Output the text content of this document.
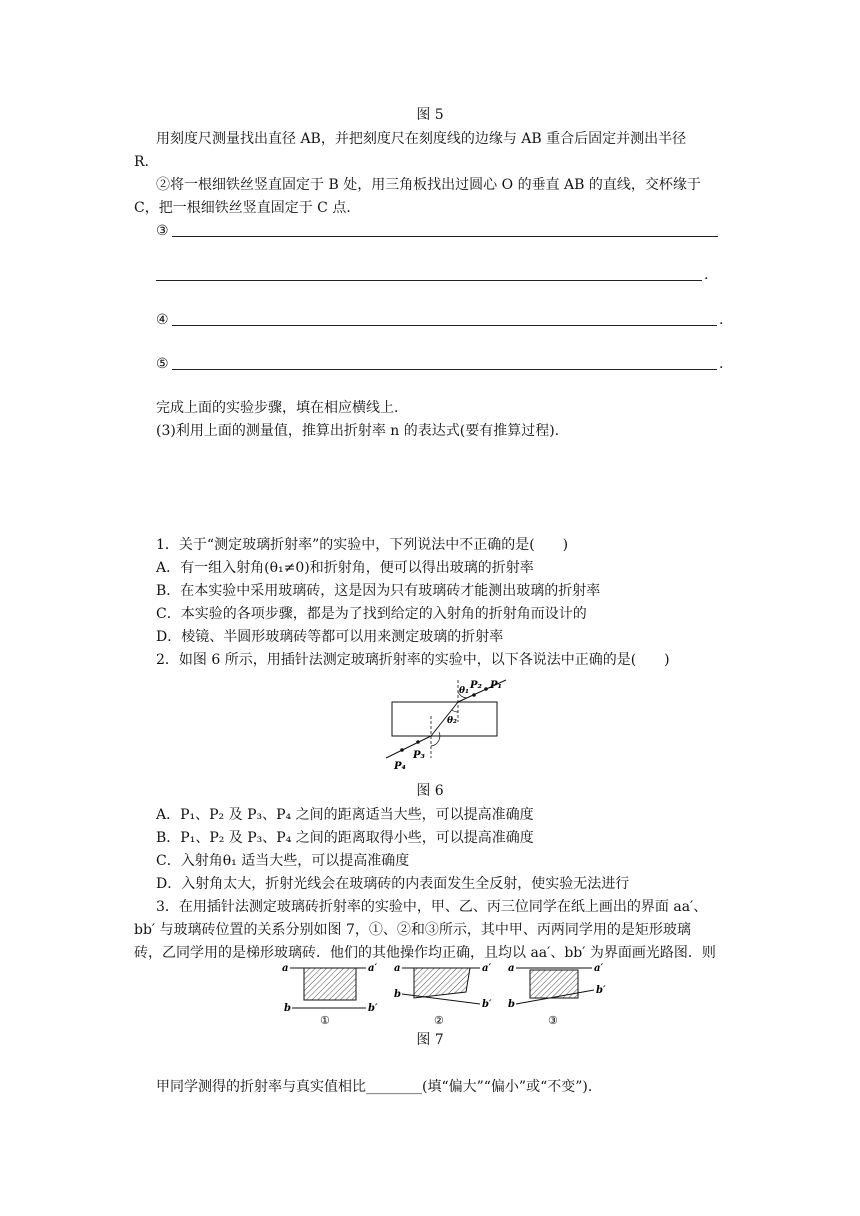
图 5
用刻度尺测量找出直径 AB，并把刻度尺在刻度线的边缘与 AB 重合后固定并测出半径
R.
②将一根细铁丝竖直固定于 B 处，用三角板找出过圆心 O 的垂直 AB 的直线，交杯缘于
C，把一根细铁丝竖直固定于 C 点．
③
.
④	.
⑤	.
完成上面的实验步骤，填在相应横线上．
(3)利用上面的测量值，推算出折射率 n 的表达式(要有推算过程).
1．关于“测定玻璃折射率”的实验中，下列说法中不正确的是(　　)
A．有一组入射角(θ₁≠0)和折射角，便可以得出玻璃的折射率
B．在本实验中采用玻璃砖，这是因为只有玻璃砖才能测出玻璃的折射率
C．本实验的各项步骤，都是为了找到给定的入射角的折射角而设计的
D．棱镜、半圆形玻璃砖等都可以用来测定玻璃的折射率
2．如图 6 所示，用插针法测定玻璃折射率的实验中，以下各说法中正确的是(　　)
P₁
P₂
θ₁
θ₂
P₃
P₄
图 6
A．P₁、P₂ 及 P₃、P₄ 之间的距离适当大些，可以提高准确度
B．P₁、P₂ 及 P₃、P₄ 之间的距离取得小些，可以提高准确度
C．入射角θ₁ 适当大些，可以提高准确度
D．入射角太大，折射光线会在玻璃砖的内表面发生全反射，使实验无法进行
3．在用插针法测定玻璃砖折射率的实验中，甲、乙、丙三位同学在纸上画出的界面 aa′、
bb′ 与玻璃砖位置的关系分别如图 7，①、②和③所示，其中甲、丙两同学用的是矩形玻璃
砖，乙同学用的是梯形玻璃砖．他们的其他操作均正确，且均以 aa′、bb′ 为界面画光路图．则
a	a′
b	b′
①
a	a′
b
b′
②
a	a′
b
b′
③
图 7
甲同学测得的折射率与真实值相比________(填“偏大”“偏小”或“不变”)．
